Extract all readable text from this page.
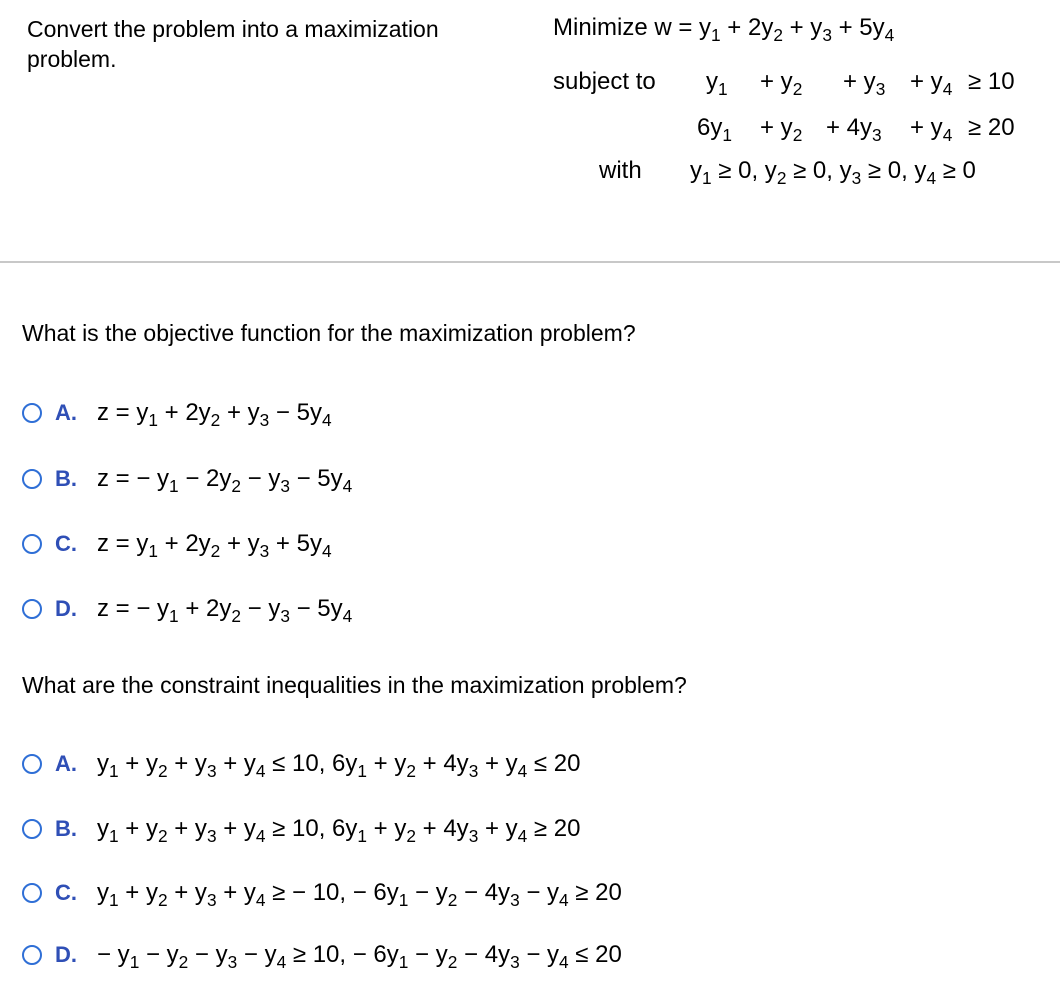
Convert the problem into a maximization problem.
Minimize $w = y_1 + 2y_2 + y_3 + 5y_4$
subject to $y_1 + y_2 + y_3 + y_4 \ge 10$
$6y_1 + y_2 + 4y_3 + y_4 \ge 20$
with $y_1 \ge 0$, $y_2 \ge 0$, $y_3 \ge 0$, $y_4 \ge 0$
What is the objective function for the maximization problem?
A. $z = y_1 + 2y_2 + y_3 - 5y_4$
B. z = − $y_1 - 2y_2 - y_3 - 5y_4$
C. $z = y_1 + 2y_2 + y_3 + 5y_4$
D. z = − $y_1 + 2y_2 - y_3 - 5y_4$
What are the constraint inequalities in the maximization problem?
A. $y_1 + y_2 + y_3 + y_4 \le 10$, $6y_1 + y_2 + 4y_3 + y_4 \le 20$
B. $y_1 + y_2 + y_3 + y_4 \ge 10$, $6y_1 + y_2 + 4y_3 + y_4 \ge 20$
C. $y_1 + y_2 + y_3 + y_4$ ≥ − 10, − $6y_1 - y_2 - 4y_3 - y_4 \ge 20$
D. − $y_1 - y_2 - y_3 - y_4 \ge 10$, − $6y_1 - y_2 - 4y_3 - y_4 \le 20$
